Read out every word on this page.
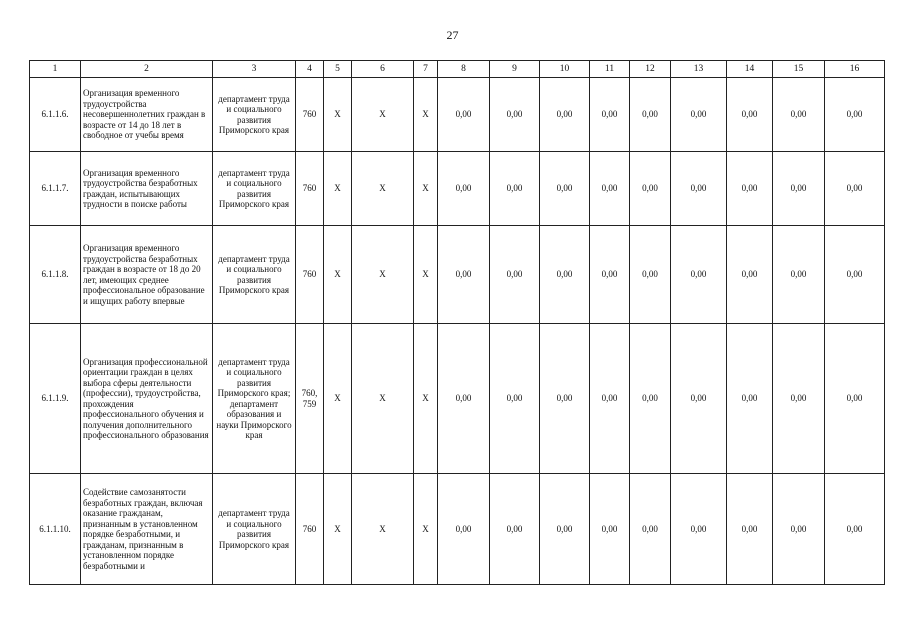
27
1	2	3	4	5	6	7	8	9	10	11	12	13	14	15	16
6.1.1.6.	Организация временного трудоустройства несовершеннолетних граждан в возрасте от 14 до 18 лет в свободное от учебы время	департамент труда и социального развития Приморского края	760	X	X	X	0,00	0,00	0,00	0,00	0,00	0,00	0,00	0,00	0,00
6.1.1.7.	Организация временного трудоустройства безработных граждан, испытывающих трудности в поиске работы	департамент труда и социального развития Приморского края	760	X	X	X	0,00	0,00	0,00	0,00	0,00	0,00	0,00	0,00	0,00
6.1.1.8.	Организация временного трудоустройства безработных граждан в возрасте от 18 до 20 лет, имеющих среднее профессиональное образование и ищущих работу впервые	департамент труда и социального развития Приморского края	760	X	X	X	0,00	0,00	0,00	0,00	0,00	0,00	0,00	0,00	0,00
6.1.1.9.	Организация профессиональной ориентации граждан в целях выбора сферы деятельности (профессии), трудоустройства, прохождения профессионального обучения и получения дополнительного профессионального образования	департамент труда и социального развития Приморского края; департамент образования и науки Приморского края	760, 759	X	X	X	0,00	0,00	0,00	0,00	0,00	0,00	0,00	0,00	0,00
6.1.1.10.	Содействие самозанятости безработных граждан, включая оказание гражданам, признанным в установленном порядке безработными, и гражданам, признанным в установленном порядке безработными и	департамент труда и социального развития Приморского края	760	X	X	X	0,00	0,00	0,00	0,00	0,00	0,00	0,00	0,00	0,00
